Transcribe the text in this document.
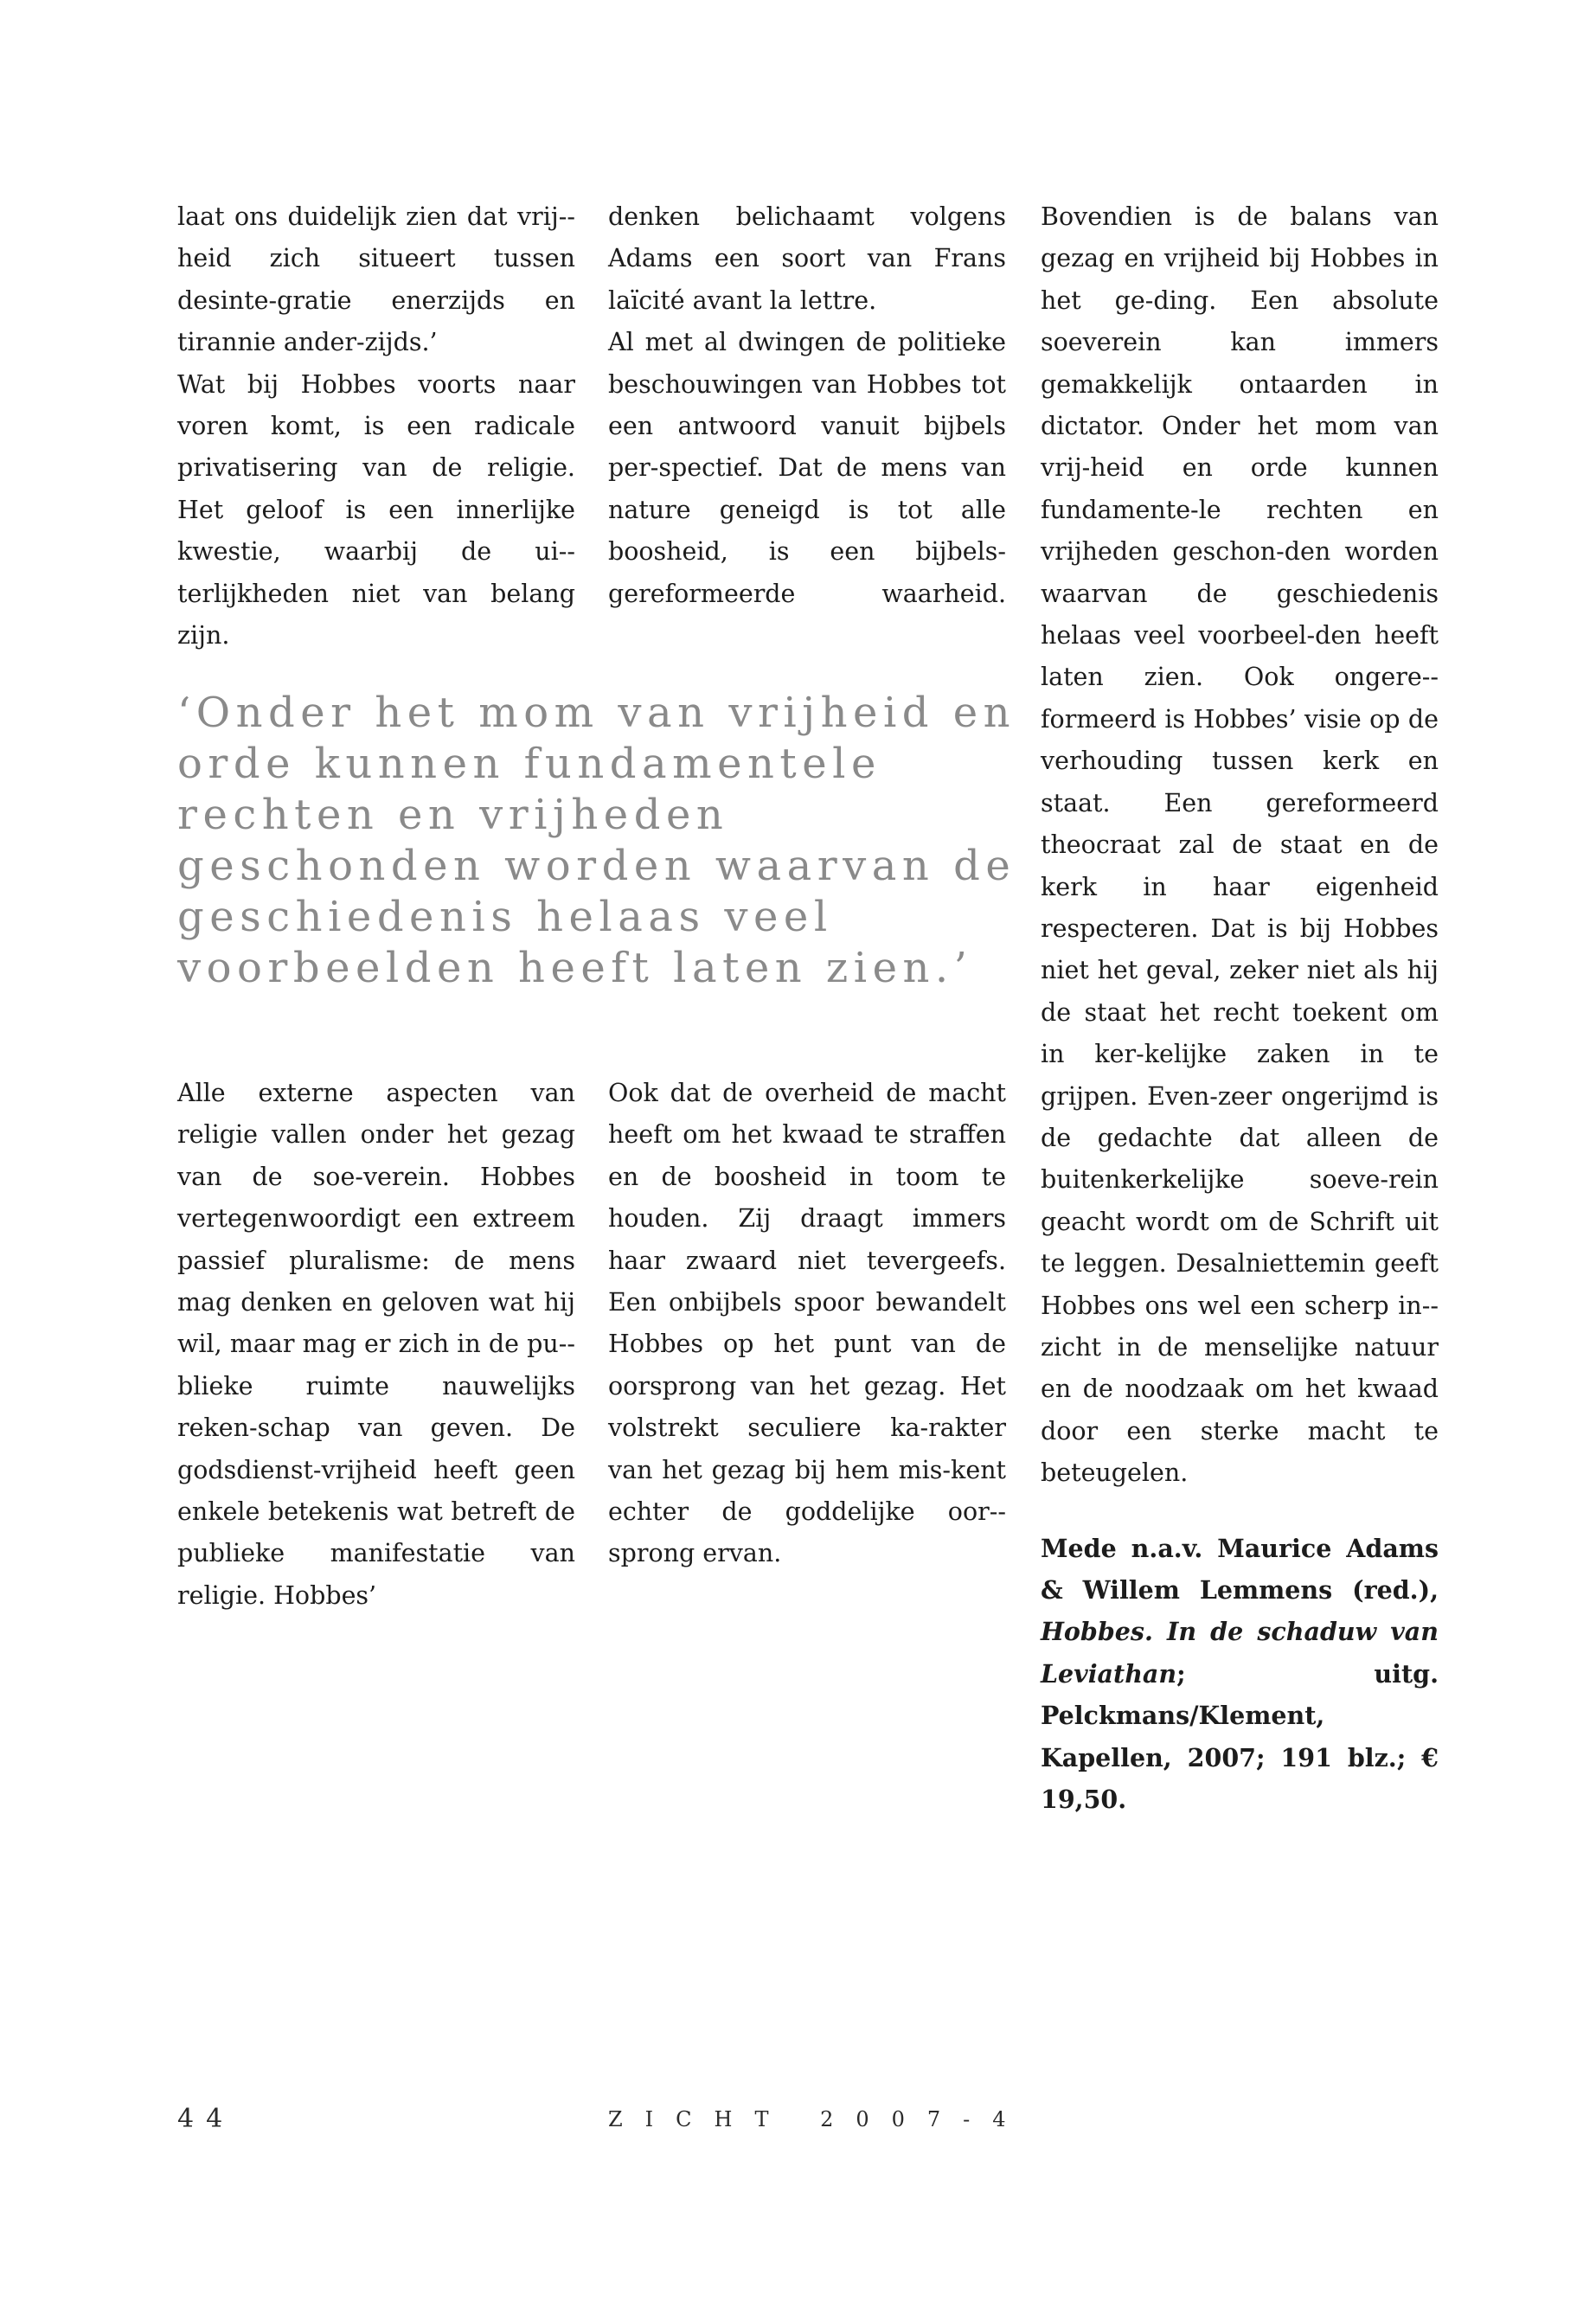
laat ons duidelijk zien dat vrij-heid zich situeert tussen desinte-gratie enerzijds en tirannie ander-zijds.’

Wat bij Hobbes voorts naar voren komt, is een radicale privatisering van de religie. Het geloof is een innerlijke kwestie, waarbij de ui-terlijkheden niet van belang zijn.

denken belichaamt volgens Adams een soort van Frans laïcité avant la lettre.

Al met al dwingen de politieke beschouwingen van Hobbes tot een antwoord vanuit bijbels per-spectief. Dat de mens van nature geneigd is tot alle boosheid, is een bijbels-gereformeerde waarheid.

‘Onder het mom van vrijheid en orde kunnen fundamentele rechten en vrijheden geschonden worden waarvan de geschiedenis helaas veel voorbeelden heeft laten zien.’

Alle externe aspecten van religie vallen onder het gezag van de soe-verein. Hobbes vertegenwoordigt een extreem passief pluralisme: de mens mag denken en geloven wat hij wil, maar mag er zich in de pu-blieke ruimte nauwelijks reken-schap van geven. De godsdienst-vrijheid heeft geen enkele betekenis wat betreft de publieke manifestatie van religie. Hobbes’

Ook dat de overheid de macht heeft om het kwaad te straffen en de boosheid in toom te houden. Zij draagt immers haar zwaard niet tevergeefs. Een onbijbels spoor bewandelt Hobbes op het punt van de oorsprong van het gezag. Het volstrekt seculiere ka-rakter van het gezag bij hem mis-kent echter de goddelijke oor-sprong ervan.

Bovendien is de balans van gezag en vrijheid bij Hobbes in het ge-ding. Een absolute soeverein kan immers gemakkelijk ontaarden in dictator. Onder het mom van vrij-heid en orde kunnen fundamente-le rechten en vrijheden geschon-den worden waarvan de geschiedenis helaas veel voorbeel-den heeft laten zien. Ook ongere-formeerd is Hobbes’ visie op de verhouding tussen kerk en staat. Een gereformeerd theocraat zal de staat en de kerk in haar eigenheid respecteren. Dat is bij Hobbes niet het geval, zeker niet als hij de staat het recht toekent om in ker-kelijke zaken in te grijpen. Even-zeer ongerijmd is de gedachte dat alleen de buitenkerkelijke soeve-rein geacht wordt om de Schrift uit te leggen. Desalniettemin geeft Hobbes ons wel een scherp in-zicht in de menselijke natuur en de noodzaak om het kwaad door een sterke macht te beteugelen.

Mede n.a.v. Maurice Adams & Willem Lemmens (red.), Hobbes. In de schaduw van Leviathan; uitg. Pelckmans/Klement, Kapellen, 2007; 191 blz.; € 19,50.

44	ZICHT 2007-4
